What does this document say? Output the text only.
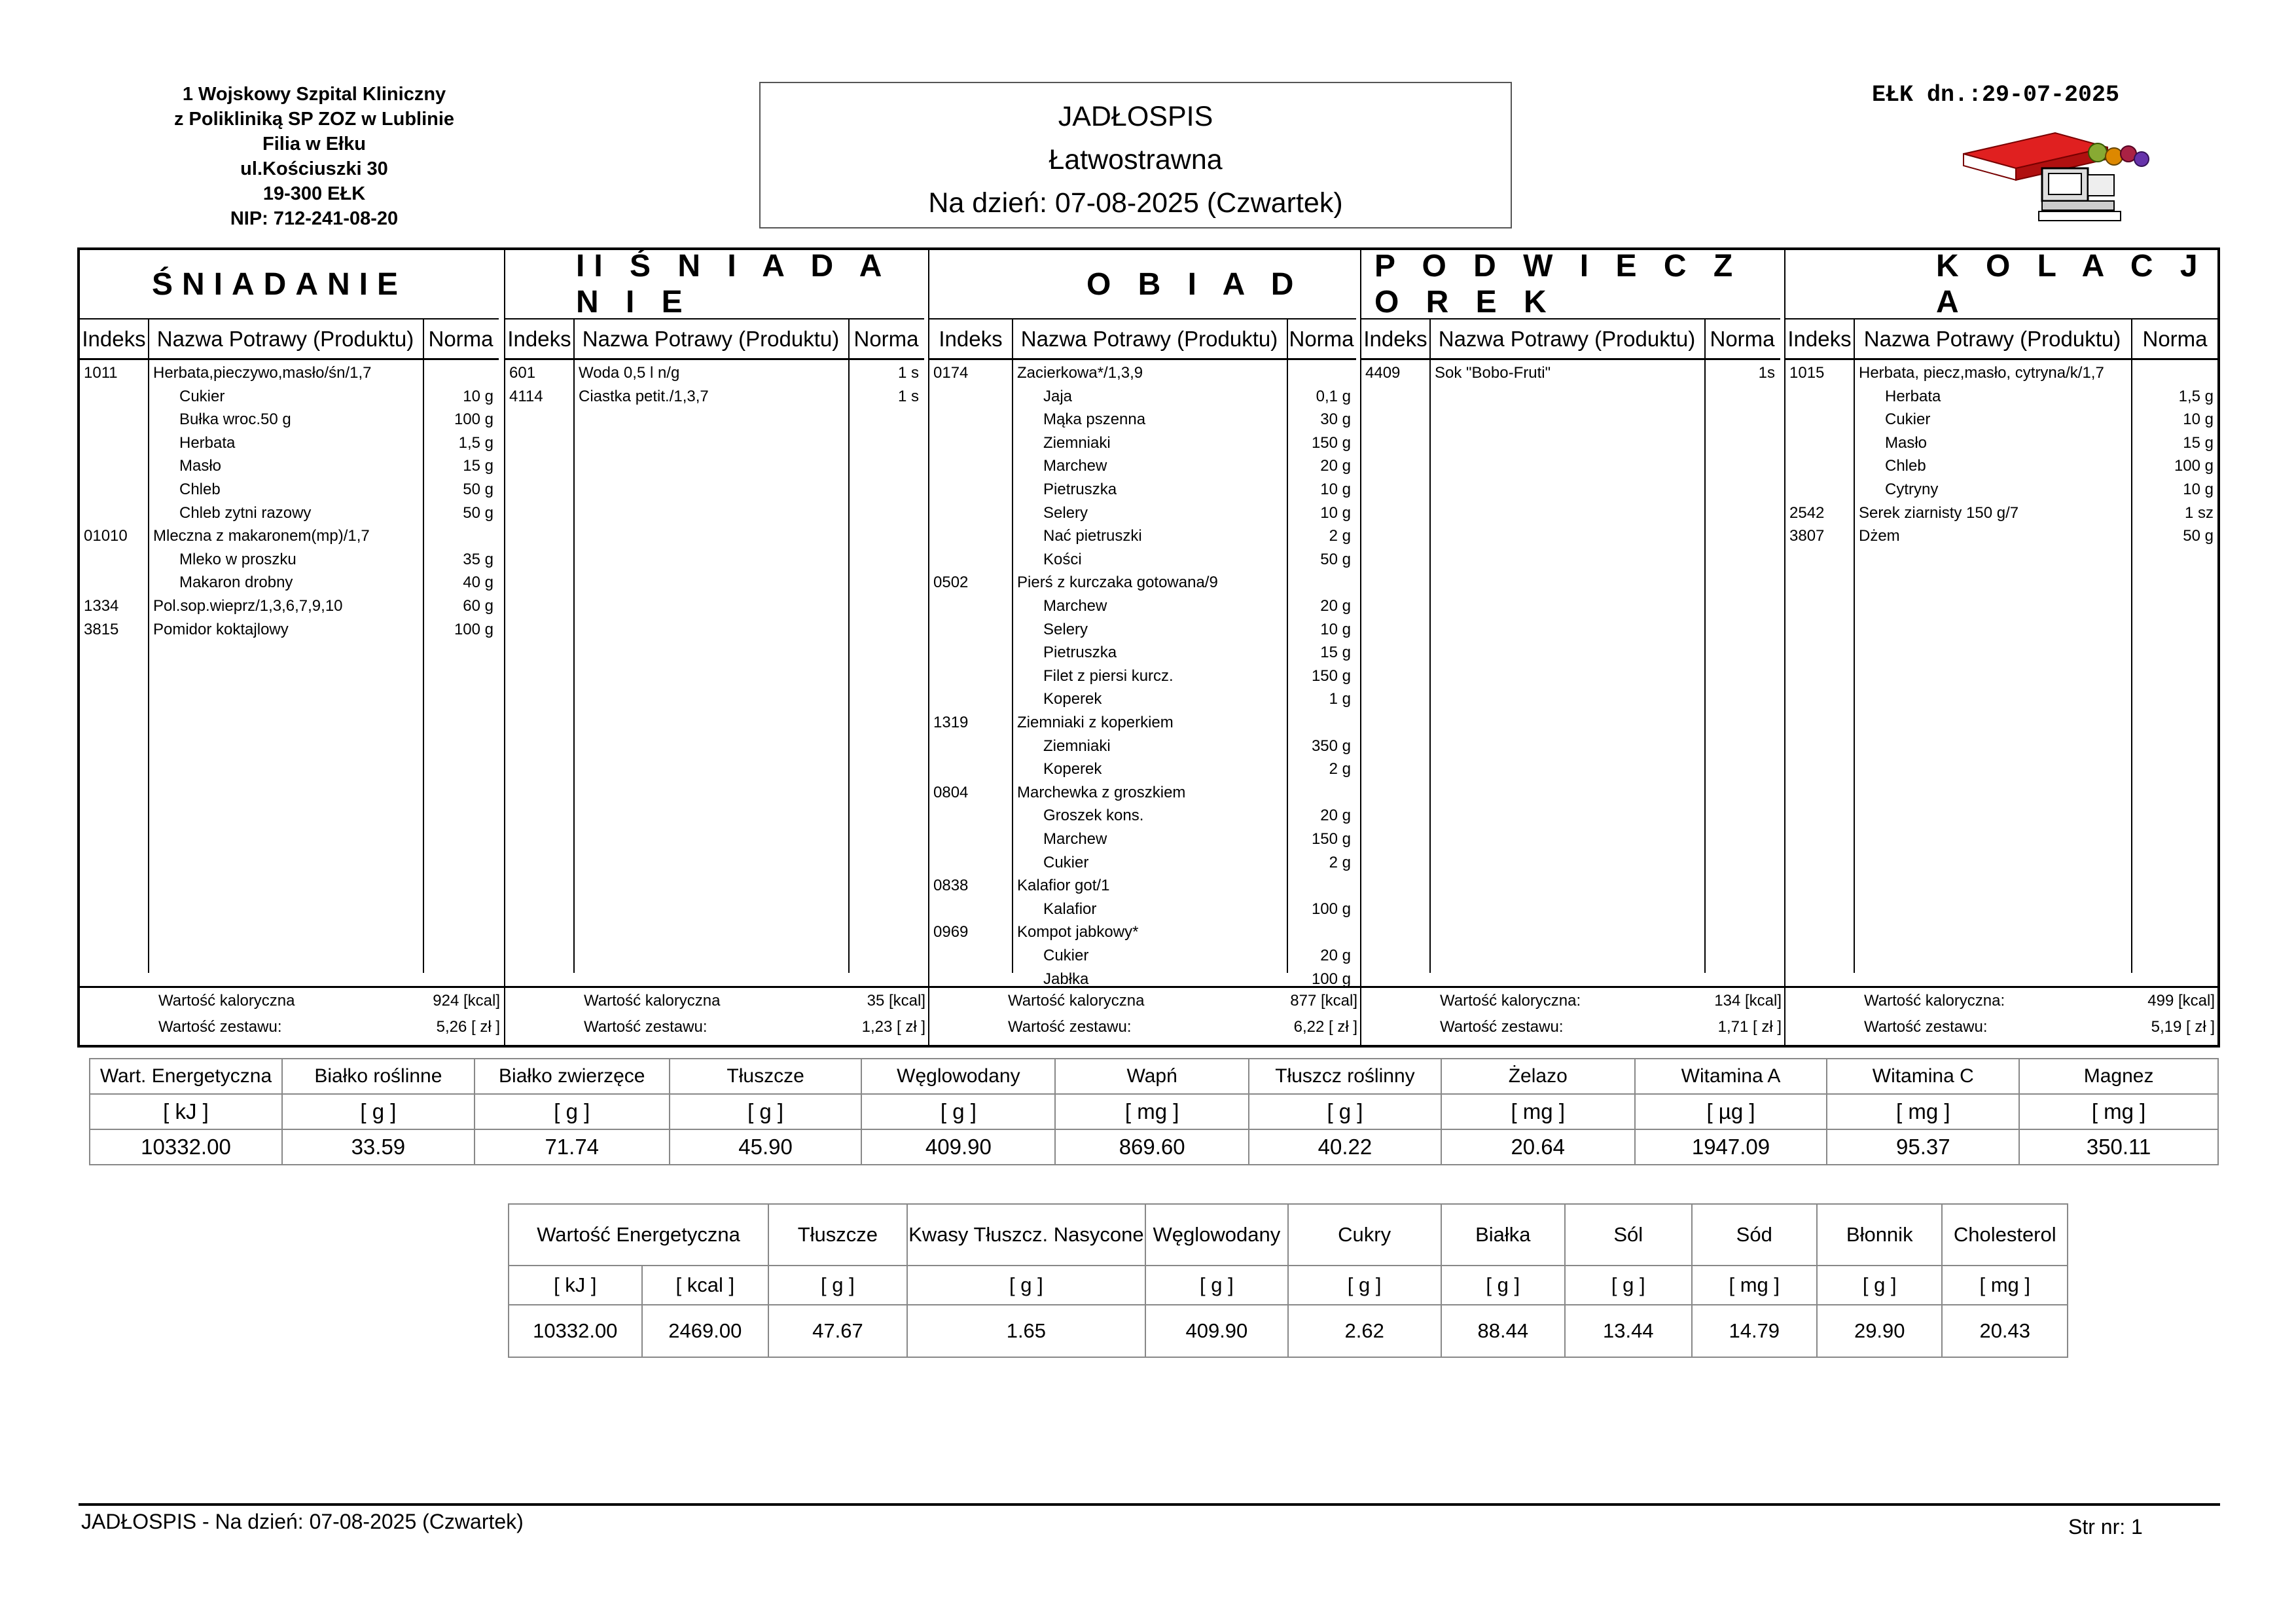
1 Wojskowy Szpital Kliniczny
z Polikliniką SP ZOZ w Lublinie
Filia w Ełku
ul.Kościuszki 30
19-300 EŁK
NIP: 712-241-08-20
JADŁOSPIS
Łatwostrawna
Na dzień: 07-08-2025 (Czwartek)
EŁK dn.:29-07-2025
ŚNIADANIE
Indeks Nazwa Potrawy (Produktu) Norma
1011	Herbata,pieczywo,masło/śn/1,7
Cukier	10 g
Bułka wroc.50 g	100 g
Herbata	1,5 g
Masło	15 g
Chleb	50 g
Chleb zytni razowy	50 g
01010	Mleczna z makaronem(mp)/1,7
Mleko w proszku	35 g
Makaron drobny	40 g
1334	Pol.sop.wieprz/1,3,6,7,9,10	60 g
3815	Pomidor koktajlowy	100 g
Wartość kaloryczna	924 [kcal]
Wartość zestawu:	5,26 [ zł ]
II Ś N I A D A N I E
Indeks Nazwa Potrawy (Produktu) Norma
601	Woda 0,5 l n/g	1 s
4114	Ciastka petit./1,3,7	1 s
Wartość kaloryczna	35 [kcal]
Wartość zestawu:	1,23 [ zł ]
O B I A D
Indeks Nazwa Potrawy (Produktu) Norma
0174	Zacierkowa*/1,3,9
Jaja	0,1 g
Mąka pszenna	30 g
Ziemniaki	150 g
Marchew	20 g
Pietruszka	10 g
Selery	10 g
Nać pietruszki	2 g
Kości	50 g
0502	Pierś z kurczaka gotowana/9
Marchew	20 g
Selery	10 g
Pietruszka	15 g
Filet z piersi kurcz.	150 g
Koperek	1 g
1319	Ziemniaki z koperkiem
Ziemniaki	350 g
Koperek	2 g
0804	Marchewka z groszkiem
Groszek kons.	20 g
Marchew	150 g
Cukier	2 g
0838	Kalafior got/1
Kalafior	100 g
0969	Kompot jabkowy*
Cukier	20 g
Jabłka	100 g
Wartość kaloryczna	877 [kcal]
Wartość zestawu:	6,22 [ zł ]
P O D W I E C Z O R E K
Indeks Nazwa Potrawy (Produktu) Norma
4409	Sok "Bobo-Fruti"	1s
Wartość kaloryczna:	134 [kcal]
Wartość zestawu:	1,71 [ zł ]
K O L A C J A
Indeks Nazwa Potrawy (Produktu)	Norma
1015	Herbata, piecz,masło, cytryna/k/1,7
Herbata	1,5 g
Cukier	10 g
Masło	15 g
Chleb	100 g
Cytryny	10 g
2542	Serek ziarnisty 150 g/7	1 sz
3807	Dżem	50 g
Wartość kaloryczna:	499 [kcal]
Wartość zestawu:	5,19 [ zł ]
Wart. Energetyczna	Białko roślinne	Białko zwierzęce	Tłuszcze	Węglowodany	Wapń	Tłuszcz roślinny	Żelazo	Witamina A	Witamina C	Magnez
[ kJ ]	[ g ]	[ g ]	[ g ]	[ g ]	[ mg ]	[ g ]	[ mg ]	[ µg ]	[ mg ]	[ mg ]
10332.00	33.59	71.74	45.90	409.90	869.60	40.22	20.64	1947.09	95.37	350.11
Wartość Energetyczna		Tłuszcze	Kwasy Tłuszcz. Nasycone	Węglowodany	Cukry	Białka	Sól	Sód	Błonnik	Cholesterol
[ kJ ]	[ kcal ]	[ g ]	[ g ]	[ g ]	[ g ]	[ g ]	[ g ]	[ mg ]	[ g ]	[ mg ]
10332.00	2469.00	47.67	1.65	409.90	2.62	88.44	13.44	14.79	29.90	20.43
JADŁOSPIS - Na dzień: 07-08-2025 (Czwartek)	Str nr: 1
